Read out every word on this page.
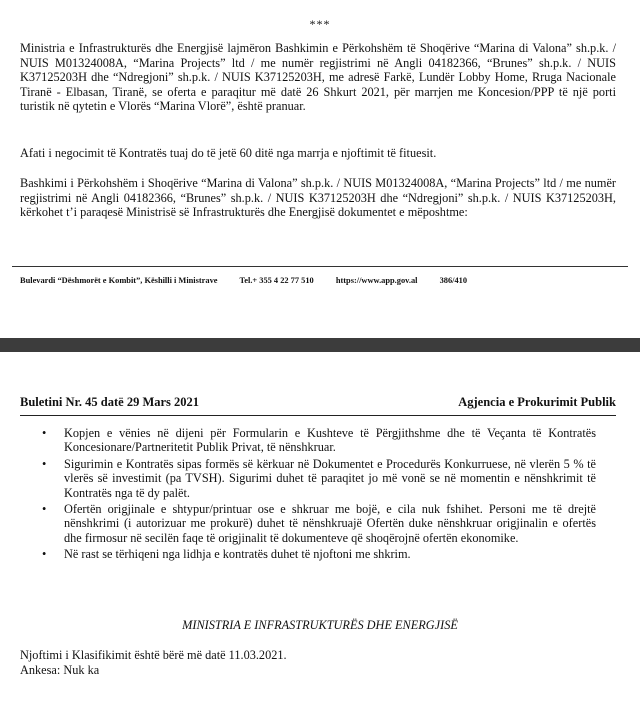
***
Ministria e Infrastrukturës dhe Energjisë lajmëron Bashkimin e Përkohshëm të Shoqërive “Marina di Valona” sh.p.k. / NUIS M01324008A, “Marina Projects” ltd / me numër regjistrimi në Angli 04182366, “Brunes” sh.p.k. / NUIS K37125203H dhe “Ndregjoni” sh.p.k. / NUIS K37125203H, me adresë Farkë, Lundër Lobby Home, Rruga Nacionale Tiranë - Elbasan, Tiranë, se oferta e paraqitur më datë 26 Shkurt 2021, për marrjen me Koncesion/PPP të një porti turistik në qytetin e Vlorës “Marina Vlorë”, është pranuar.
Afati i negocimit të Kontratës tuaj do të jetë 60 ditë nga marrja e njoftimit të fituesit.
Bashkimi i Përkohshëm i Shoqërive “Marina di Valona” sh.p.k. / NUIS M01324008A, “Marina Projects” ltd / me numër regjistrimi në Angli 04182366, “Brunes” sh.p.k. / NUIS K37125203H dhe “Ndregjoni” sh.p.k. / NUIS K37125203H, kërkohet t’i paraqesë Ministrisë së Infrastrukturës dhe Energjisë dokumentet e mëposhtme:
Bulevardi “Dëshmorët e Kombit”, Këshilli i Ministrave	Tel.+ 355 4 22 77 510	https://www.app.gov.al	386/410
Buletini Nr. 45 datë 29 Mars 2021	Agjencia e Prokurimit Publik
• Kopjen e vënies në dijeni për Formularin e Kushteve të Përgjithshme dhe të Veçanta të Kontratës Koncesionare/Partneritetit Publik Privat, të nënshkruar.
• Sigurimin e Kontratës sipas formës së kërkuar në Dokumentet e Procedurës Konkurruese, në vlerën 5 % të vlerës së investimit (pa TVSH). Sigurimi duhet të paraqitet jo më vonë se në momentin e nënshkrimit të Kontratës nga të dy palët.
• Ofertën origjinale e shtypur/printuar ose e shkruar me bojë, e cila nuk fshihet. Personi me të drejtë nënshkrimi (i autorizuar me prokurë) duhet të nënshkruajë Ofertën duke nënshkruar origjinalin e ofertës dhe firmosur në secilën faqe të origjinalit të dokumenteve që shoqërojnë ofertën ekonomike.
• Në rast se tërhiqeni nga lidhja e kontratës duhet të njoftoni me shkrim.
MINISTRIA E INFRASTRUKTURËS DHE ENERGJISË
Njoftimi i Klasifikimit është bërë më datë 11.03.2021.
Ankesa: Nuk ka
